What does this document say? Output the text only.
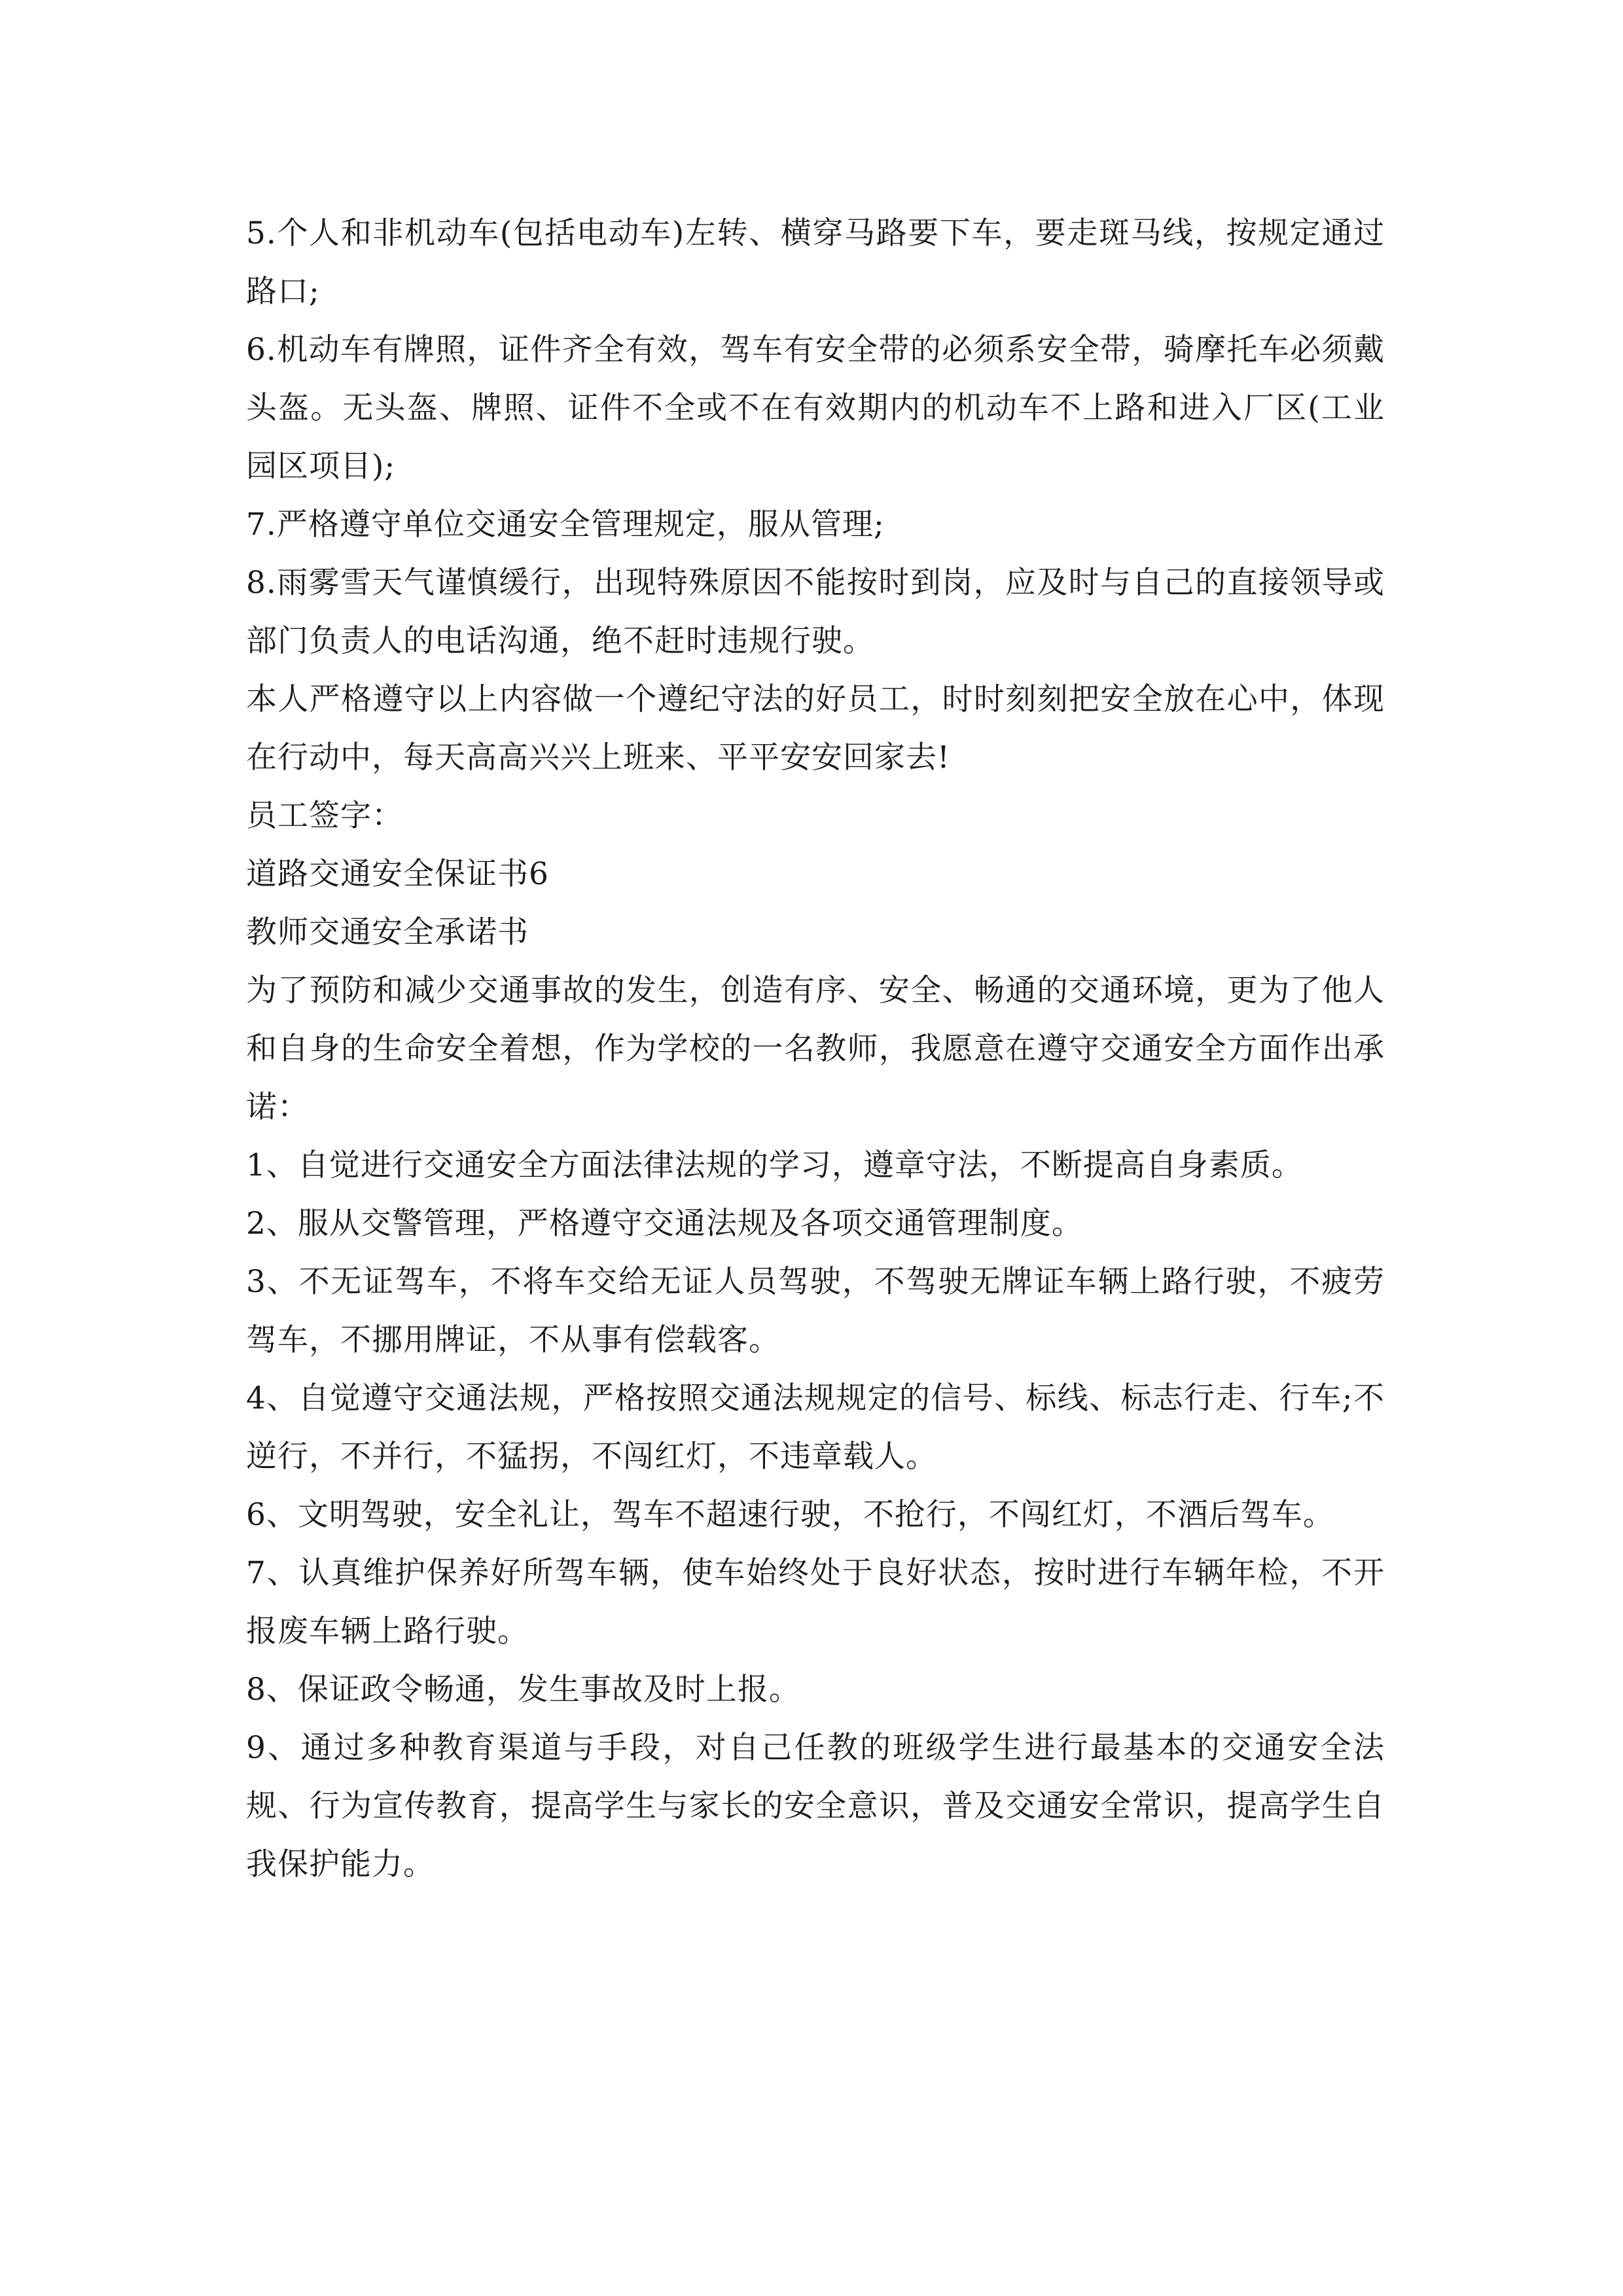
5.个人和非机动车(包括电动车)左转、横穿马路要下车，要走斑马线，按规定通过路口;

6.机动车有牌照，证件齐全有效，驾车有安全带的必须系安全带，骑摩托车必须戴头盔。无头盔、牌照、证件不全或不在有效期内的机动车不上路和进入厂区(工业园区项目);

7.严格遵守单位交通安全管理规定，服从管理;

8.雨雾雪天气谨慎缓行，出现特殊原因不能按时到岗，应及时与自己的直接领导或部门负责人的电话沟通，绝不赶时违规行驶。

本人严格遵守以上内容做一个遵纪守法的好员工，时时刻刻把安全放在心中，体现在行动中，每天高高兴兴上班来、平平安安回家去!

员工签字：

道路交通安全保证书6

教师交通安全承诺书

为了预防和减少交通事故的发生，创造有序、安全、畅通的交通环境，更为了他人和自身的生命安全着想，作为学校的一名教师，我愿意在遵守交通安全方面作出承诺：

1、自觉进行交通安全方面法律法规的学习，遵章守法，不断提高自身素质。

2、服从交警管理，严格遵守交通法规及各项交通管理制度。

3、不无证驾车，不将车交给无证人员驾驶，不驾驶无牌证车辆上路行驶，不疲劳驾车，不挪用牌证，不从事有偿载客。

4、自觉遵守交通法规，严格按照交通法规规定的信号、标线、标志行走、行车;不逆行，不并行，不猛拐，不闯红灯，不违章载人。

6、文明驾驶，安全礼让，驾车不超速行驶，不抢行，不闯红灯，不酒后驾车。

7、认真维护保养好所驾车辆，使车始终处于良好状态，按时进行车辆年检，不开报废车辆上路行驶。

8、保证政令畅通，发生事故及时上报。

9、通过多种教育渠道与手段，对自己任教的班级学生进行最基本的交通安全法规、行为宣传教育，提高学生与家长的安全意识，普及交通安全常识，提高学生自我保护能力。
